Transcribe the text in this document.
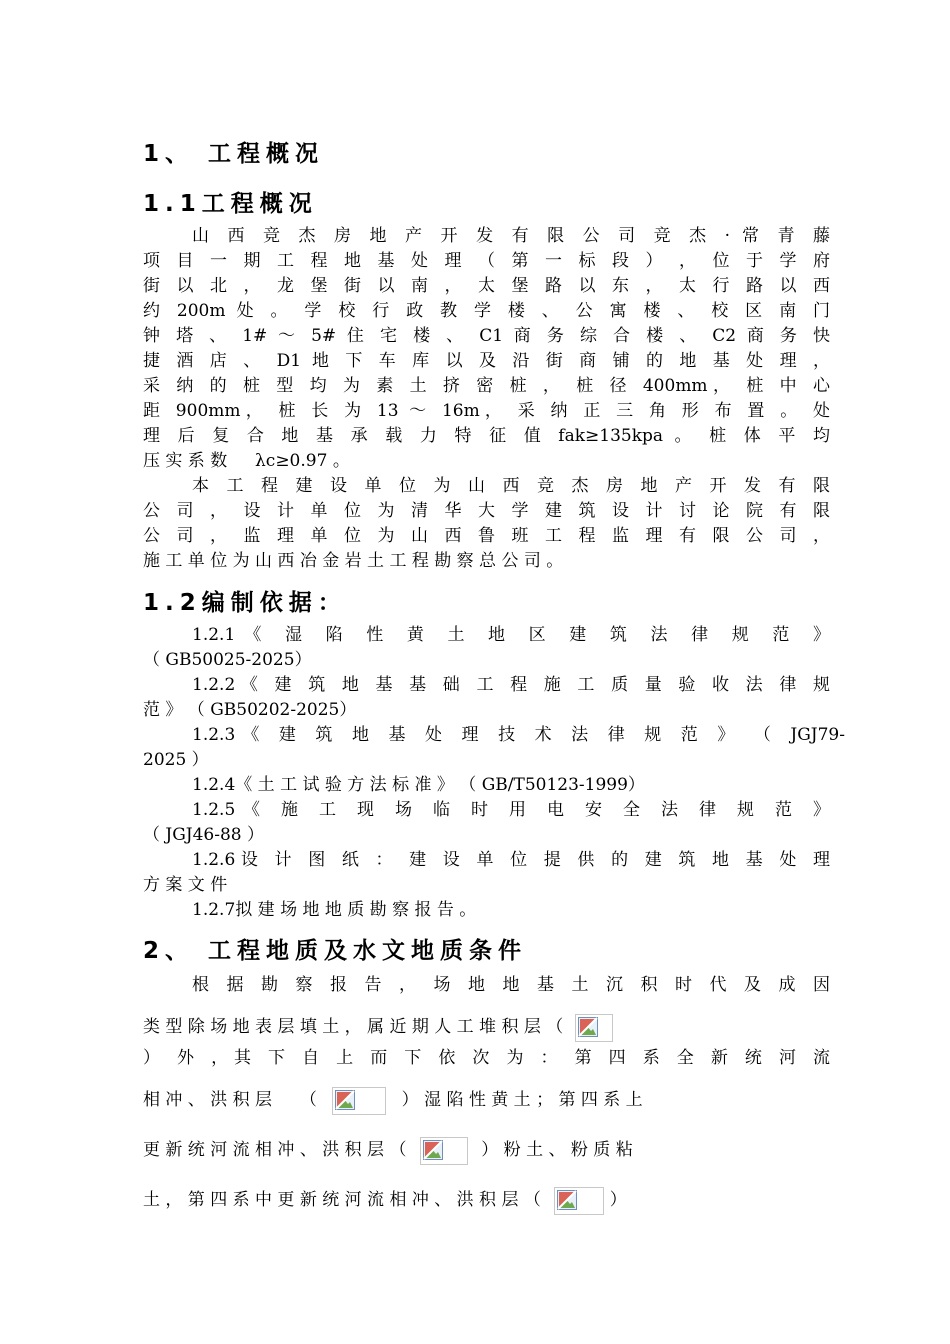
1、 工程概况
1.1工程概况
山 西 竞 杰 房 地 产 开 发 有 限 公 司 竞 杰 · 常 青 藤
项 目 一 期 工 程 地 基 处 理 （ 第 一 标 段 ） ， 位 于 学 府
街 以 北 ， 龙 堡 街 以 南 ， 太 堡 路 以 东 ， 太 行 路 以 西
约 200m 处 。 学 校 行 政 教 学 楼 、 公 寓 楼 、 校 区 南 门
钟 塔 、 1# ～ 5# 住 宅 楼 、 C1 商 务 综 合 楼 、 C2 商 务 快
捷 酒 店 、 D1 地 下 车 库 以 及 沿 街 商 铺 的 地 基 处 理 ，
采 纳 的 桩 型 均 为 素 土 挤 密 桩 ， 桩 径 400mm， 桩 中 心
距 900mm， 桩 长 为 13 ～ 16m， 采 纳 正 三 角 形 布 置 。 处
理 后 复 合 地 基 承 载 力 特 征 值 fak≥135kpa 。 桩 体 平 均
压 实 系 数 　 λc≥0.97 。
本 工 程 建 设 单 位 为 山 西 竞 杰 房 地 产 开 发 有 限
公 司 ， 设 计 单 位 为 清 华 大 学 建 筑 设 计 讨 论 院 有 限
公 司 ， 监 理 单 位 为 山 西 鲁 班 工 程 监 理 有 限 公 司 ，
施 工 单 位 为 山 西 冶 金 岩 土 工 程 勘 察 总 公 司 。
1.2编制依据：
1.2.1《 湿 陷 性 黄 土 地 区 建 筑 法 律 规 范 》
（ GB50025-2025）
1.2.2《 建 筑 地 基 基 础 工 程 施 工 质 量 验 收 法 律 规
范 》 （ GB50202-2025）
1.2.3《 建 筑 地 基 处 理 技 术 法 律 规 范 》 （ JGJ79-
2025 ）
1.2.4《 土 工 试 验 方 法 标 准 》 （ GB/T50123-1999）
1.2.5《 施 工 现 场 临 时 用 电 安 全 法 律 规 范 》
（ JGJ46-88 ）
1.2.6设 计 图 纸 ： 建 设 单 位 提 供 的 建 筑 地 基 处 理
方 案 文 件
1.2.7拟 建 场 地 地 质 勘 察 报 告 。
2、 工程地质及水文地质条件
根 据 勘 察 报 告 ， 场 地 地 基 土 沉 积 时 代 及 成 因
类 型 除 场 地 表 层 填 土 ， 属 近 期 人 工 堆 积 层 （
） 外 ，其 下 自 上 而 下 依 次 为 ： 第 四 系 全 新 统 河 流
相 冲 、 洪 积 层 　 （	） 湿 陷 性 黄 土 ； 第 四 系 上
更 新 统 河 流 相 冲 、 洪 积 层 （	） 粉 土 、 粉 质 粘
土 ， 第 四 系 中 更 新 统 河 流 相 冲 、 洪 积 层 （	）
